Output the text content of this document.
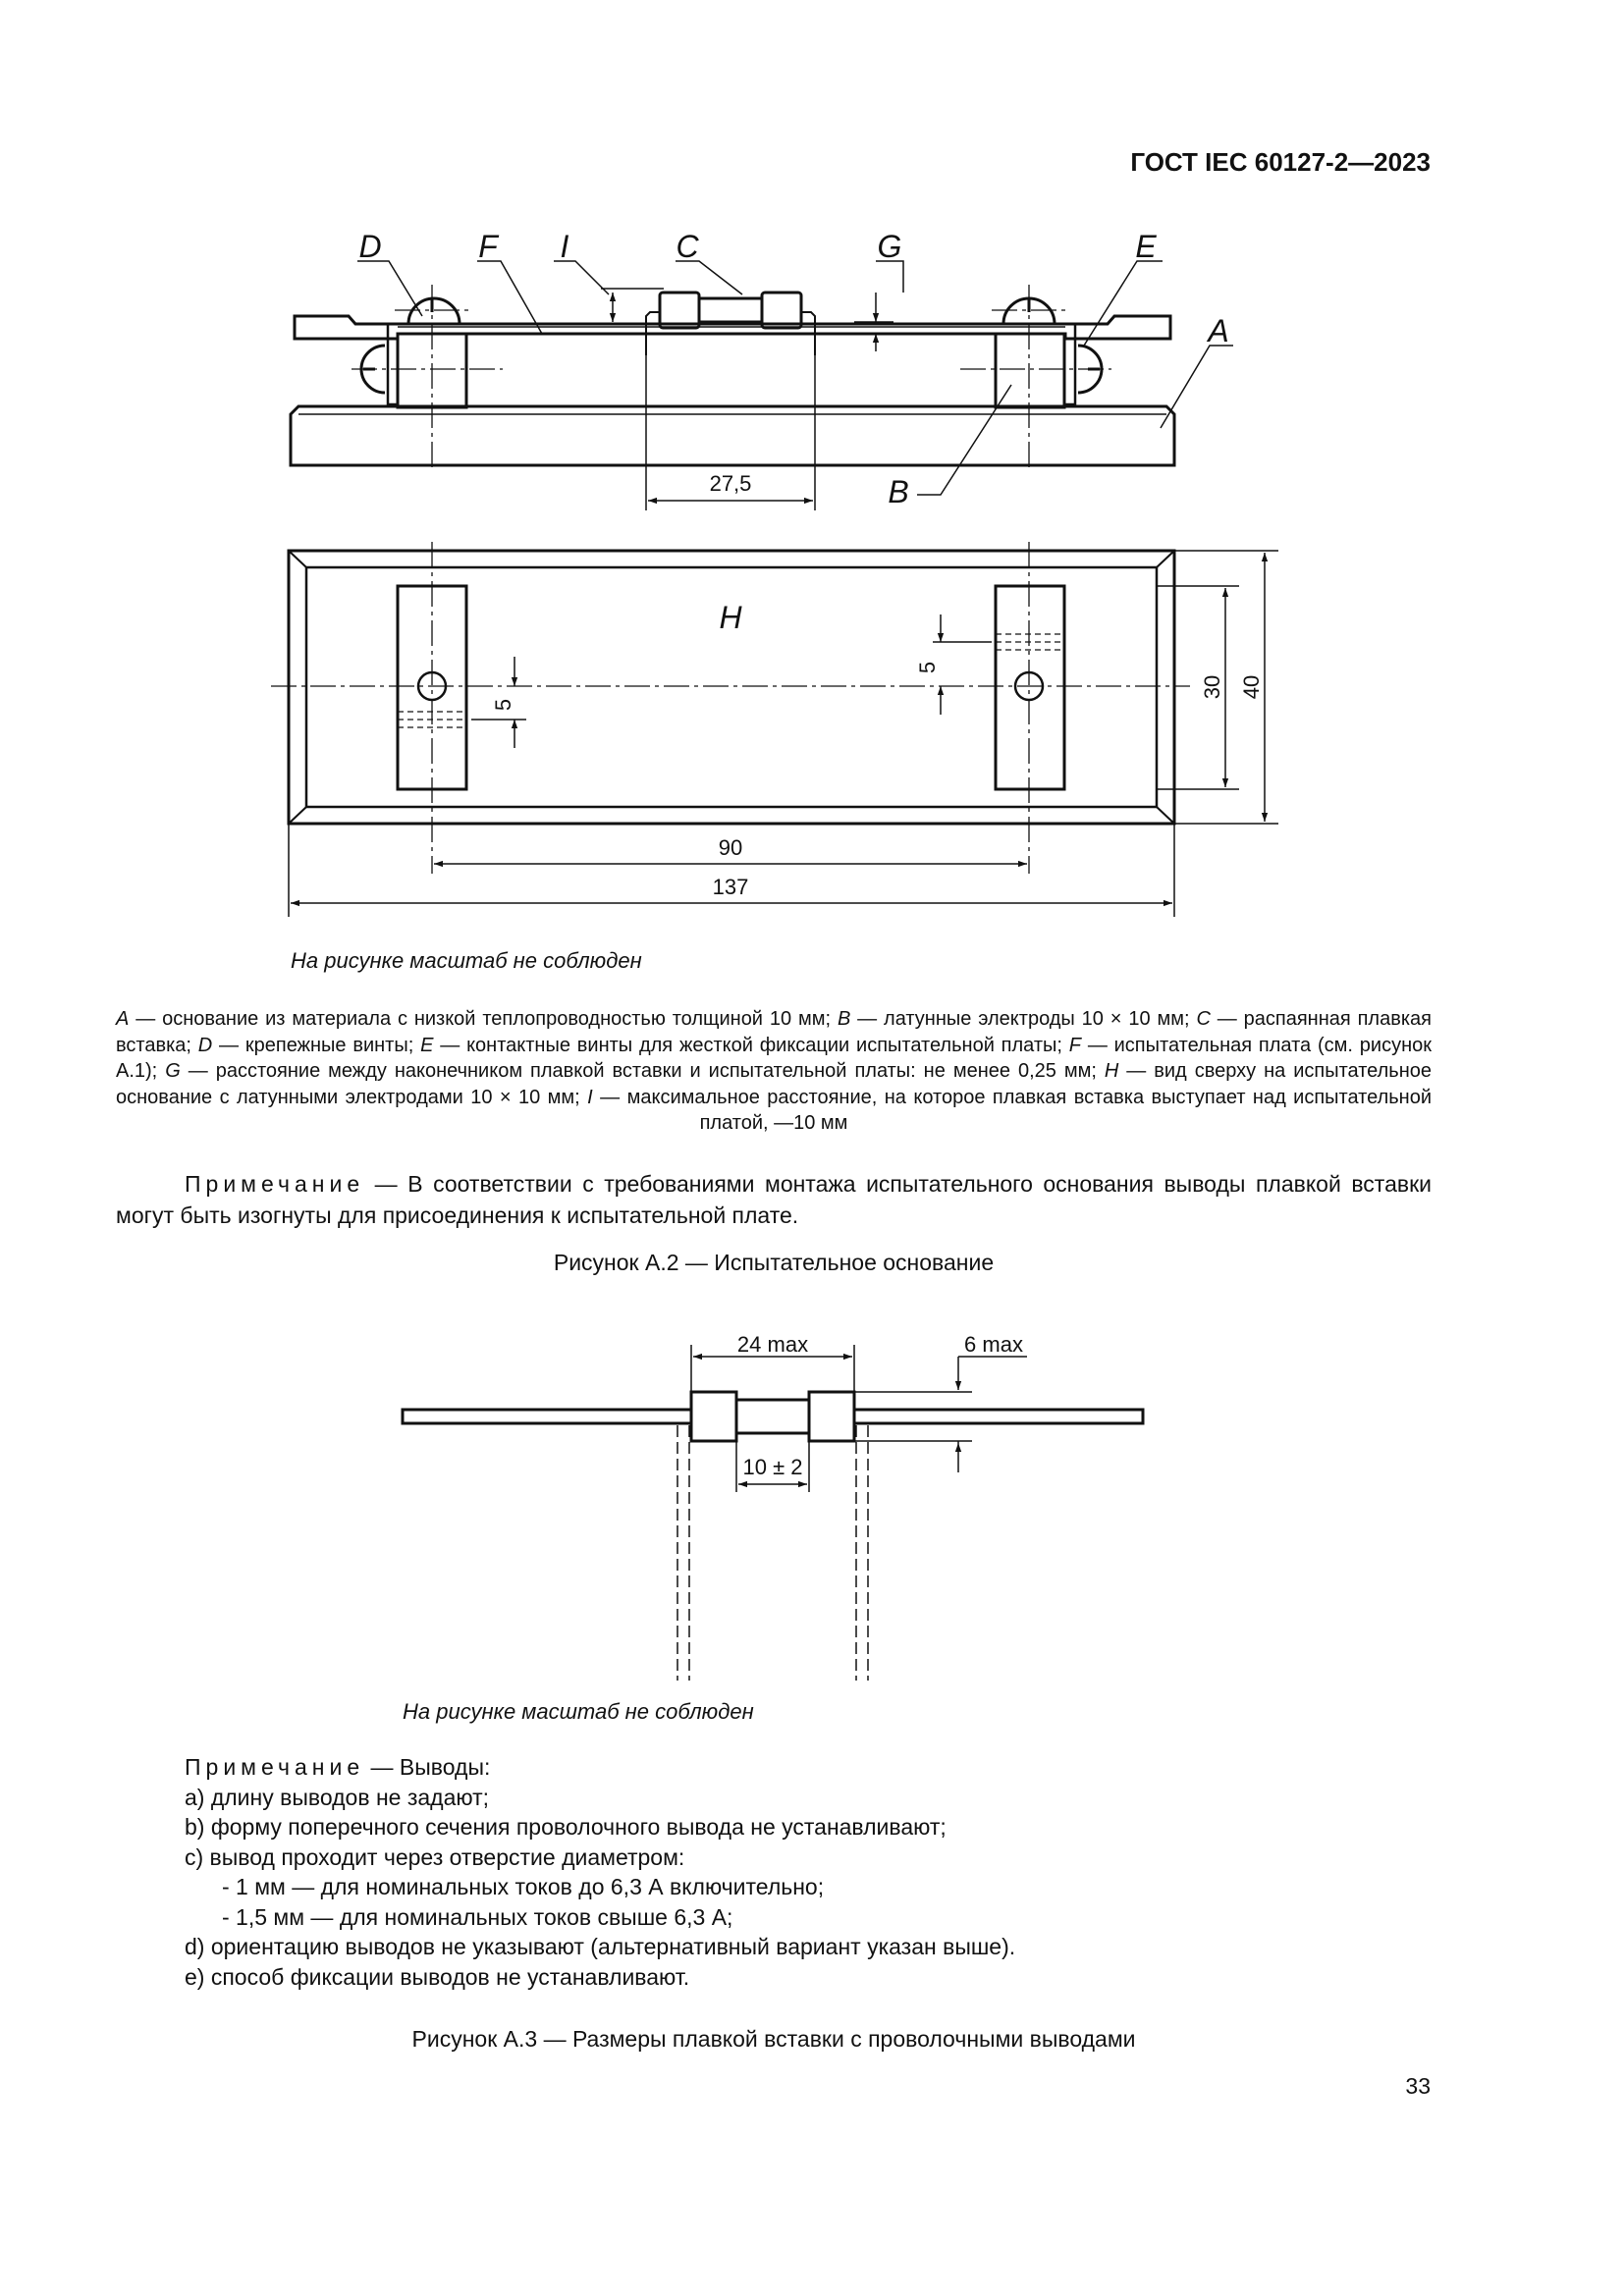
ГОСТ IEC 60127-2—2023
D	F I	C	G	E
A
B
27,5
H
5
5
30 40
90
137
На рисунке масштаб не соблюден
A — основание из материала с низкой теплопроводностью толщиной 10 мм; B — латунные электроды 10 × 10 мм; C — распаянная плавкая вставка; D — крепежные винты; E — контактные винты для жесткой фиксации испытательной платы; F — испытательная плата (см. рисунок А.1); G — расстояние между наконечником плавкой вставки и испытательной платы: не менее 0,25 мм; H — вид сверху на испытательное основание с латунными электродами 10 × 10 мм; I — максимальное расстояние, на которое плавкая вставка выступает над испытательной платой, —10 мм
Примечание — В соответствии с требованиями монтажа испытательного основания выводы плавкой вставки могут быть изогнуты для присоединения к испытательной плате.
Рисунок А.2 — Испытательное основание
24 max	6 max
10 ± 2
На рисунке масштаб не соблюден
Примечание — Выводы:
a) длину выводов не задают;
b) форму поперечного сечения проволочного вывода не устанавливают;
c) вывод проходит через отверстие диаметром:
- 1 мм — для номинальных токов до 6,3 А включительно;
- 1,5 мм — для номинальных токов свыше 6,3 А;
d) ориентацию выводов не указывают (альтернативный вариант указан выше).
e) способ фиксации выводов не устанавливают.
Рисунок А.3 — Размеры плавкой вставки с проволочными выводами
33
